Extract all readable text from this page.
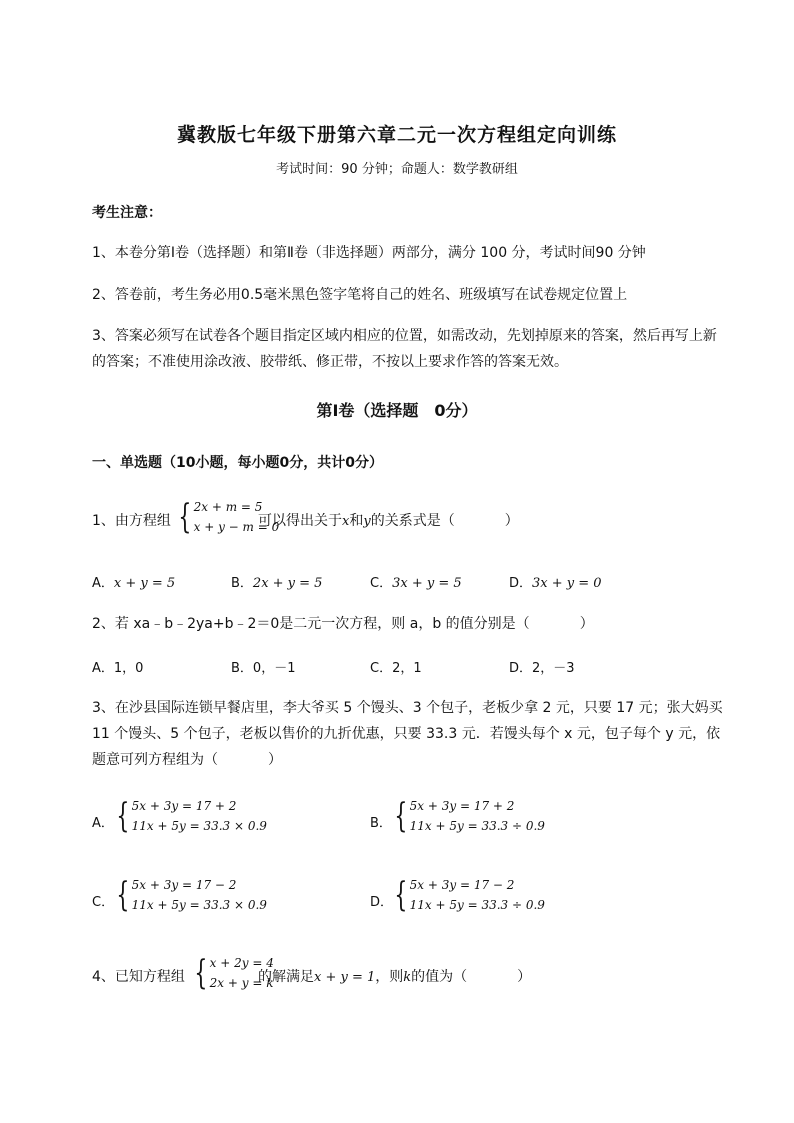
冀教版七年级下册第六章二元一次方程组定向训练
考试时间：90 分钟；命题人：数学教研组
考生注意：
1、本卷分第Ⅰ卷（选择题）和第Ⅱ卷（非选择题）两部分，满分 100 分，考试时间90 分钟
2、答卷前，考生务必用0.5毫米黑色签字笔将自己的姓名、班级填写在试卷规定位置上
3、答案必须写在试卷各个题目指定区域内相应的位置，如需改动，先划掉原来的答案，然后再写上新
的答案；不准使用涂改液、胶带纸、修正带，不按以上要求作答的答案无效。
第Ⅰ卷（选择题　0分）
一、单选题（10小题，每小题0分，共计0分）
1、由方程组 { 2x + m = 5
x + y − m = 0
可以得出关于x和y的关系式是（	）
A．x + y = 5	B．2x + y = 5	C．3x + y = 5	D．3x + y = 0
2、若 xa﹣b﹣2ya+b﹣2＝0是二元一次方程，则 a，b 的值分别是（	）
A．1，0	B．0，－1	C．2，1	D．2，－3
3、在沙县国际连锁早餐店里，李大爷买 5 个馒头、3 个包子，老板少拿 2 元，只要 17 元；张大妈买
11 个馒头、5 个包子，老板以售价的九折优惠，只要 33.3 元．若馒头每个 x 元，包子每个 y 元，依
题意可列方程组为（	）
A． { 5x + 3y = 17 + 2
11x + 5y = 33.3 × 0.9	B． { 5x + 3y = 17 + 2
11x + 5y = 33.3 ÷ 0.9
C． { 5x + 3y = 17 − 2
11x + 5y = 33.3 × 0.9	D． { 5x + 3y = 17 − 2
11x + 5y = 33.3 ÷ 0.9
4、已知方程组 { x + 2y = 4
2x + y = k
的解满足x + y = 1，则k的值为（	）
